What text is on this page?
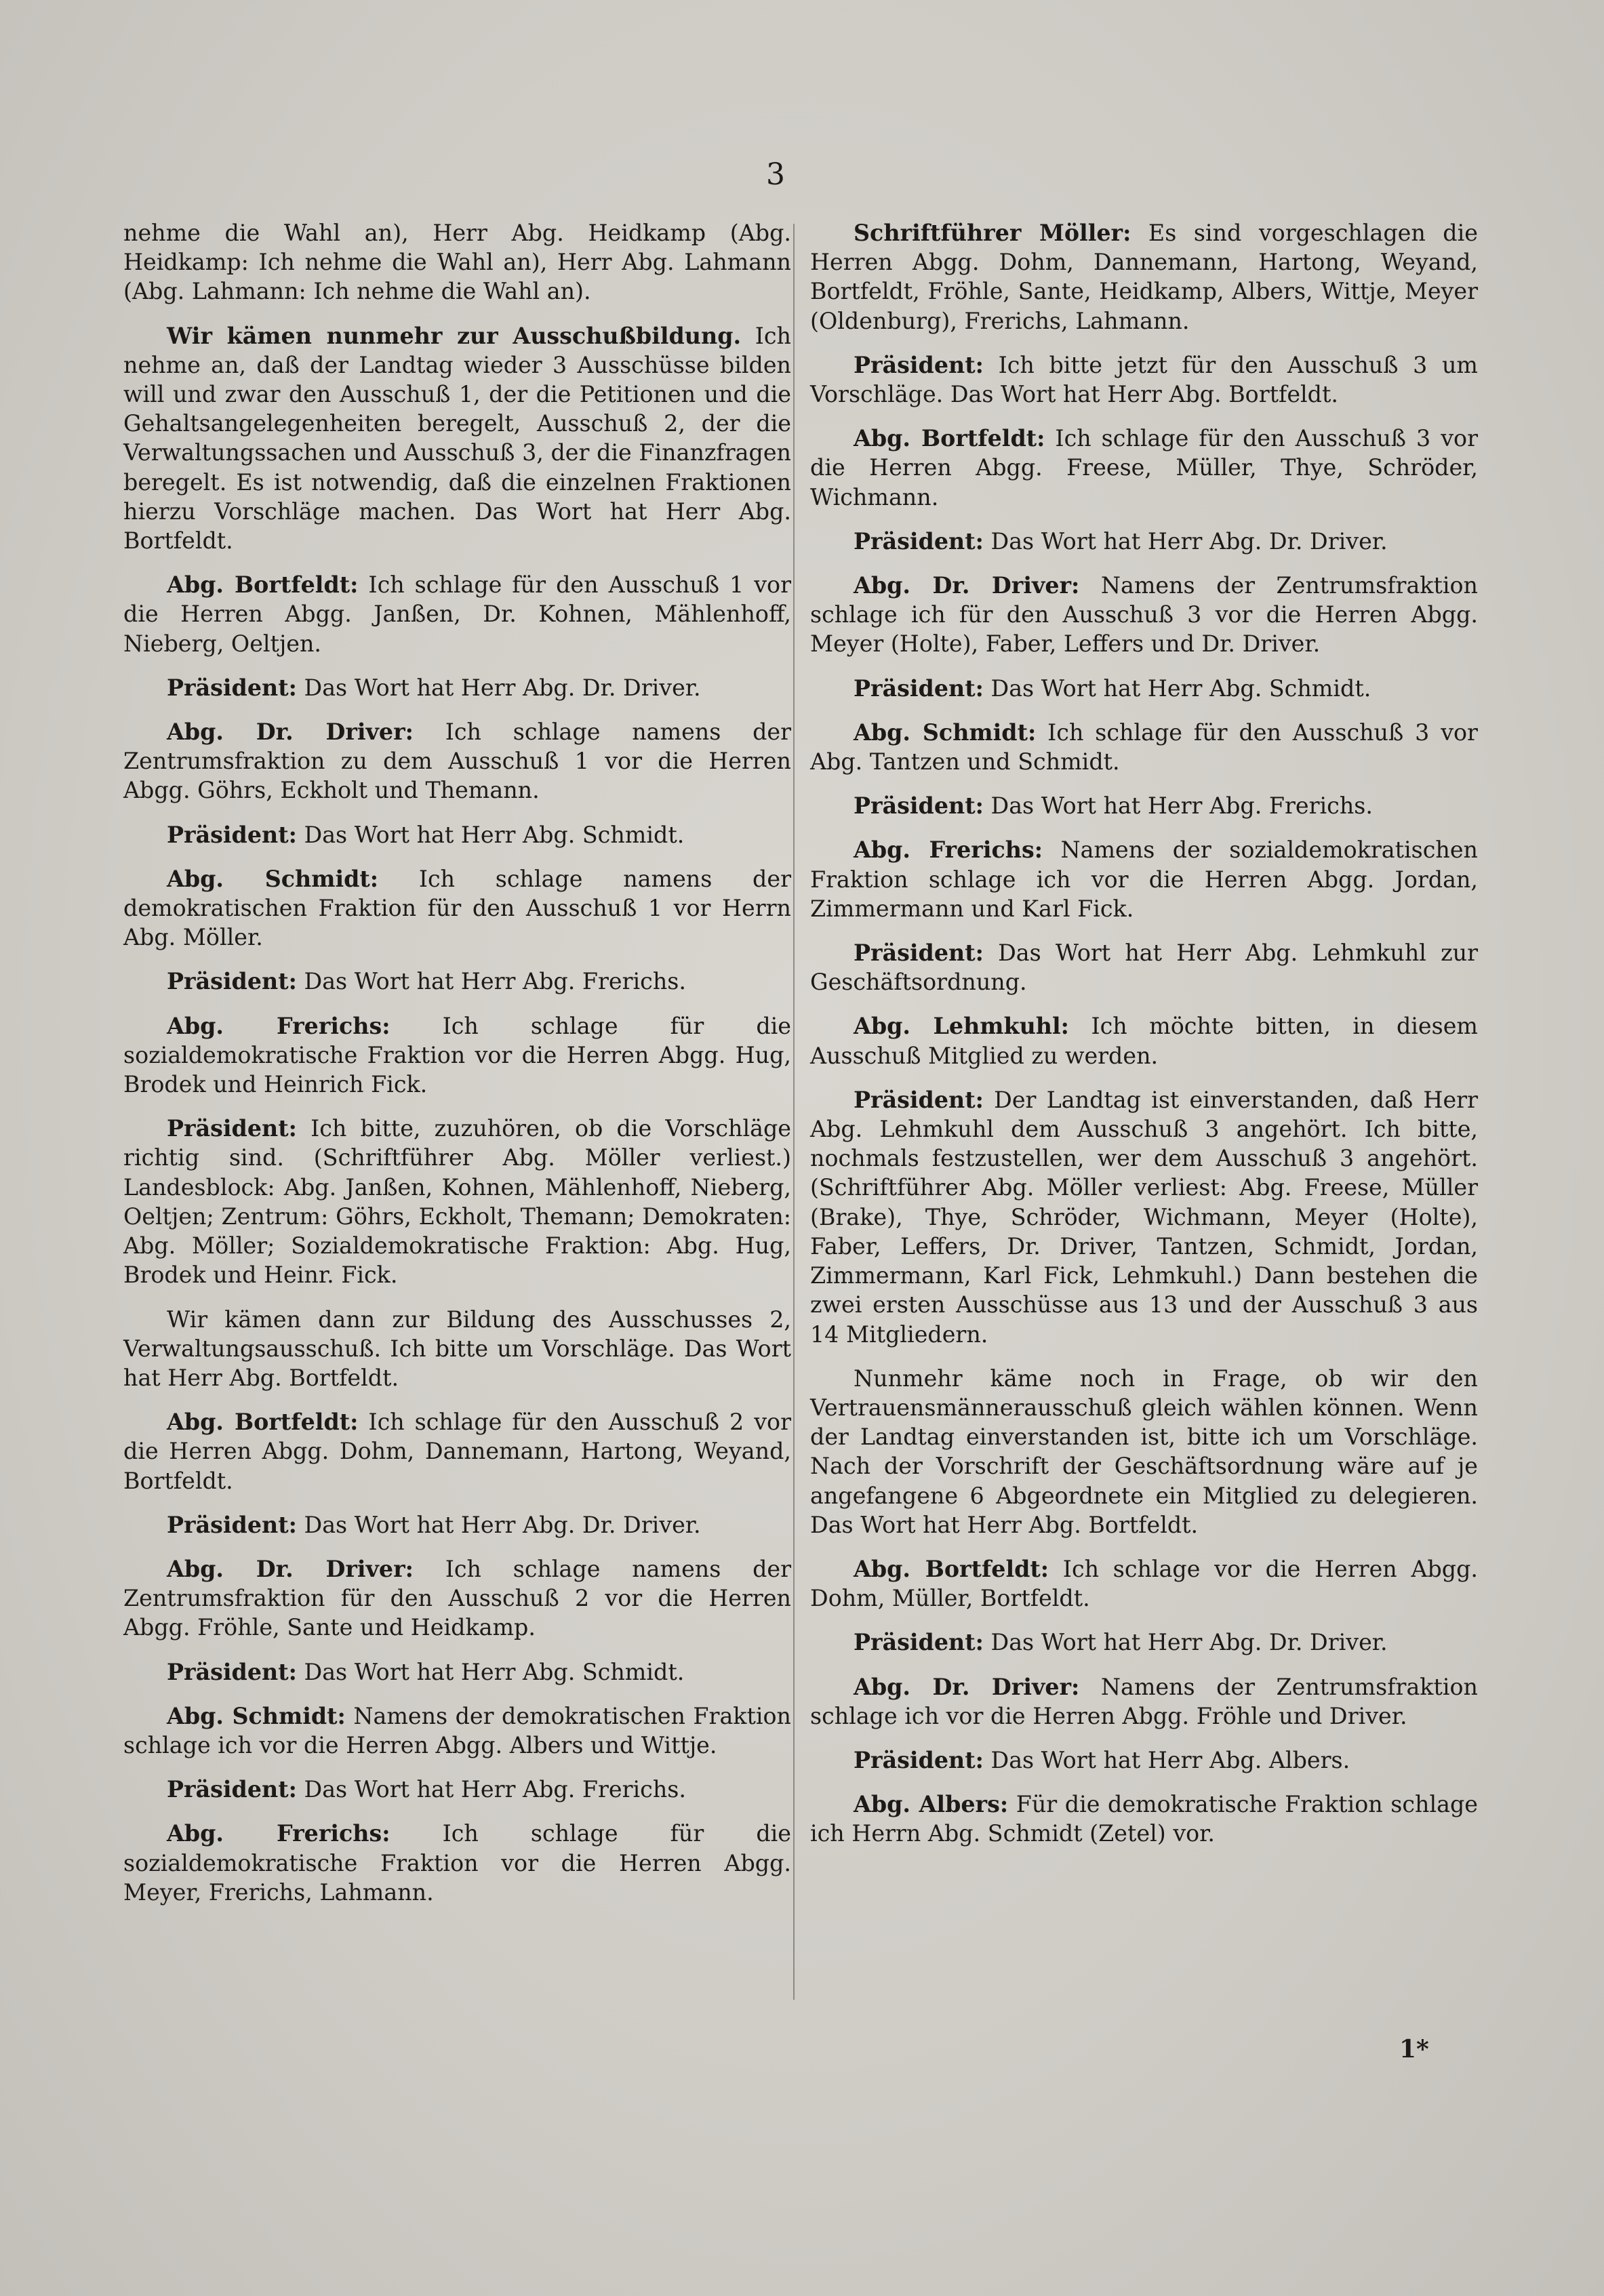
3

nehme die Wahl an), Herr Abg. Heidkamp (Abg. Heidkamp: Ich nehme die Wahl an), Herr Abg. Lahmann (Abg. Lahmann: Ich nehme die Wahl an).

Wir kämen nunmehr zur Ausschußbildung. Ich nehme an, daß der Landtag wieder 3 Ausschüsse bilden will und zwar den Ausschuß 1, der die Petitionen und die Gehaltsangelegenheiten beregelt, Ausschuß 2, der die Verwaltungssachen und Ausschuß 3, der die Finanzfragen beregelt. Es ist notwendig, daß die einzelnen Fraktionen hierzu Vorschläge machen. Das Wort hat Herr Abg. Bortfeldt.

Abg. Bortfeldt: Ich schlage für den Ausschuß 1 vor die Herren Abgg. Janßen, Dr. Kohnen, Mählenhoff, Nieberg, Oeltjen.

Präsident: Das Wort hat Herr Abg. Dr. Driver.

Abg. Dr. Driver: Ich schlage namens der Zentrumsfraktion zu dem Ausschuß 1 vor die Herren Abgg. Göhrs, Eckholt und Themann.

Präsident: Das Wort hat Herr Abg. Schmidt.

Abg. Schmidt: Ich schlage namens der demokratischen Fraktion für den Ausschuß 1 vor Herrn Abg. Möller.

Präsident: Das Wort hat Herr Abg. Frerichs.

Abg. Frerichs: Ich schlage für die sozialdemokratische Fraktion vor die Herren Abgg. Hug, Brodek und Heinrich Fick.

Präsident: Ich bitte, zuzuhören, ob die Vorschläge richtig sind. (Schriftführer Abg. Möller verliest.) Landesblock: Abg. Janßen, Kohnen, Mählenhoff, Nieberg, Oeltjen; Zentrum: Göhrs, Eckholt, Themann; Demokraten: Abg. Möller; Sozialdemokratische Fraktion: Abg. Hug, Brodek und Heinr. Fick.

Wir kämen dann zur Bildung des Ausschusses 2, Verwaltungsausschuß. Ich bitte um Vorschläge. Das Wort hat Herr Abg. Bortfeldt.

Abg. Bortfeldt: Ich schlage für den Ausschuß 2 vor die Herren Abgg. Dohm, Dannemann, Hartong, Weyand, Bortfeldt.

Präsident: Das Wort hat Herr Abg. Dr. Driver.

Abg. Dr. Driver: Ich schlage namens der Zentrumsfraktion für den Ausschuß 2 vor die Herren Abgg. Fröhle, Sante und Heidkamp.

Präsident: Das Wort hat Herr Abg. Schmidt.

Abg. Schmidt: Namens der demokratischen Fraktion schlage ich vor die Herren Abgg. Albers und Wittje.

Präsident: Das Wort hat Herr Abg. Frerichs.

Abg. Frerichs: Ich schlage für die sozialdemokratische Fraktion vor die Herren Abgg. Meyer, Frerichs, Lahmann.

Schriftführer Möller: Es sind vorgeschlagen die Herren Abgg. Dohm, Dannemann, Hartong, Weyand, Bortfeldt, Fröhle, Sante, Heidkamp, Albers, Wittje, Meyer (Oldenburg), Frerichs, Lahmann.

Präsident: Ich bitte jetzt für den Ausschuß 3 um Vorschläge. Das Wort hat Herr Abg. Bortfeldt.

Abg. Bortfeldt: Ich schlage für den Ausschuß 3 vor die Herren Abgg. Freese, Müller, Thye, Schröder, Wichmann.

Präsident: Das Wort hat Herr Abg. Dr. Driver.

Abg. Dr. Driver: Namens der Zentrumsfraktion schlage ich für den Ausschuß 3 vor die Herren Abgg. Meyer (Holte), Faber, Leffers und Dr. Driver.

Präsident: Das Wort hat Herr Abg. Schmidt.

Abg. Schmidt: Ich schlage für den Ausschuß 3 vor Abg. Tantzen und Schmidt.

Präsident: Das Wort hat Herr Abg. Frerichs.

Abg. Frerichs: Namens der sozialdemokratischen Fraktion schlage ich vor die Herren Abgg. Jordan, Zimmermann und Karl Fick.

Präsident: Das Wort hat Herr Abg. Lehmkuhl zur Geschäftsordnung.

Abg. Lehmkuhl: Ich möchte bitten, in diesem Ausschuß Mitglied zu werden.

Präsident: Der Landtag ist einverstanden, daß Herr Abg. Lehmkuhl dem Ausschuß 3 angehört. Ich bitte, nochmals festzustellen, wer dem Ausschuß 3 angehört. (Schriftführer Abg. Möller verliest: Abg. Freese, Müller (Brake), Thye, Schröder, Wichmann, Meyer (Holte), Faber, Leffers, Dr. Driver, Tantzen, Schmidt, Jordan, Zimmermann, Karl Fick, Lehmkuhl.) Dann bestehen die zwei ersten Ausschüsse aus 13 und der Ausschuß 3 aus 14 Mitgliedern.

Nunmehr käme noch in Frage, ob wir den Vertrauensmännerausschuß gleich wählen können. Wenn der Landtag einverstanden ist, bitte ich um Vorschläge. Nach der Vorschrift der Geschäftsordnung wäre auf je angefangene 6 Abgeordnete ein Mitglied zu delegieren. Das Wort hat Herr Abg. Bortfeldt.

Abg. Bortfeldt: Ich schlage vor die Herren Abgg. Dohm, Müller, Bortfeldt.

Präsident: Das Wort hat Herr Abg. Dr. Driver.

Abg. Dr. Driver: Namens der Zentrumsfraktion schlage ich vor die Herren Abgg. Fröhle und Driver.

Präsident: Das Wort hat Herr Abg. Albers.

Abg. Albers: Für die demokratische Fraktion schlage ich Herrn Abg. Schmidt (Zetel) vor.

1*
